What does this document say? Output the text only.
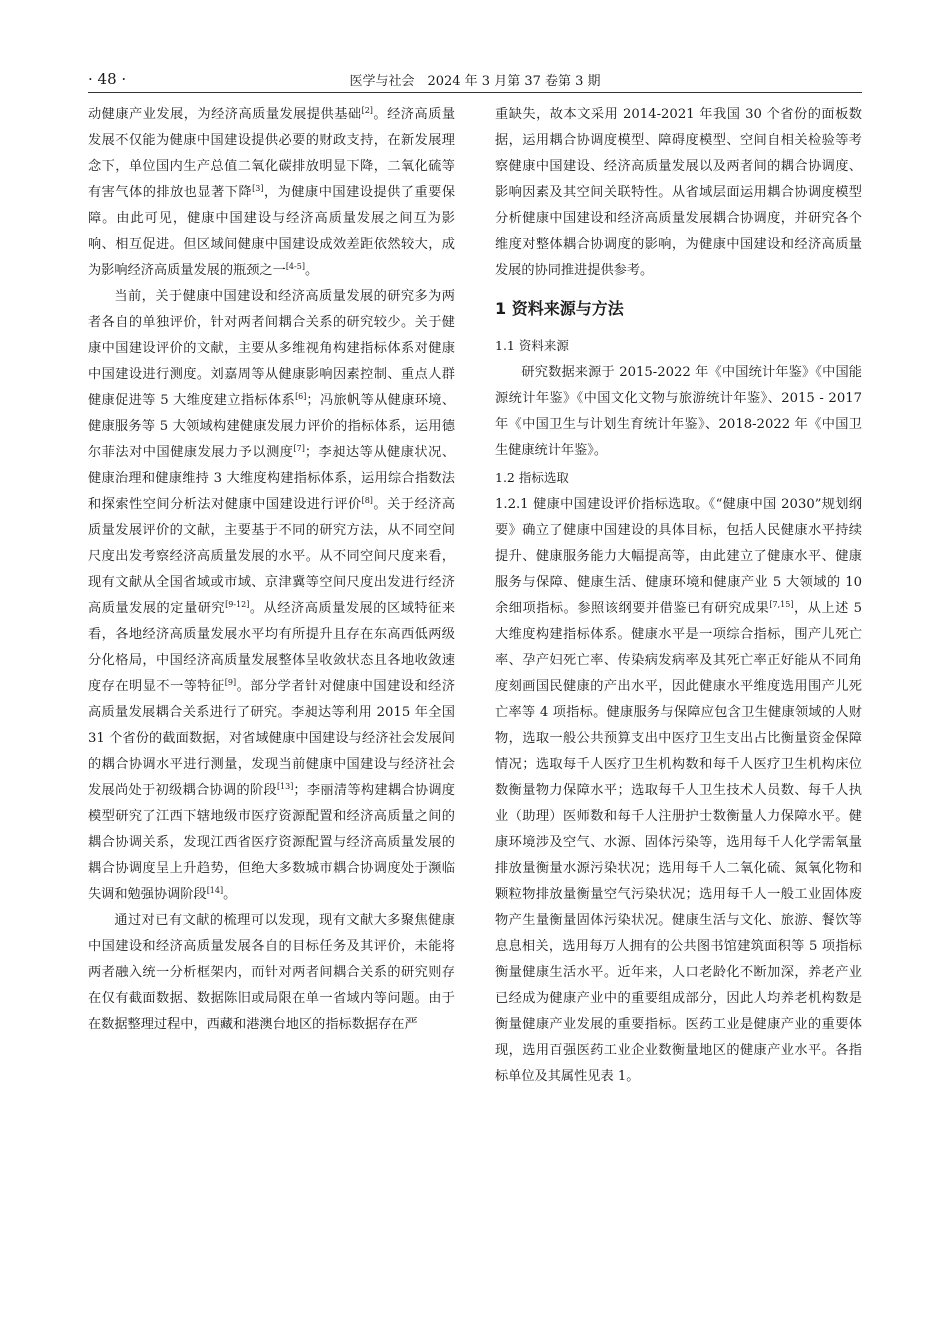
· 48 ·	医学与社会　2024 年 3 月第 37 卷第 3 期

动健康产业发展，为经济高质量发展提供基础[2]。经济高质量发展不仅能为健康中国建设提供必要的财政支持，在新发展理念下，单位国内生产总值二氧化碳排放明显下降，二氧化硫等有害气体的排放也显著下降[3]，为健康中国建设提供了重要保障。由此可见，健康中国建设与经济高质量发展之间互为影响、相互促进。但区域间健康中国建设成效差距依然较大，成为影响经济高质量发展的瓶颈之一[4-5]。

当前，关于健康中国建设和经济高质量发展的研究多为两者各自的单独评价，针对两者间耦合关系的研究较少。关于健康中国建设评价的文献，主要从多维视角构建指标体系对健康中国建设进行测度。刘嘉周等从健康影响因素控制、重点人群健康促进等 5 大维度建立指标体系[6]；冯旅帆等从健康环境、健康服务等 5 大领域构建健康发展力评价的指标体系，运用德尔菲法对中国健康发展力予以测度[7]；李昶达等从健康状况、健康治理和健康维持 3 大维度构建指标体系，运用综合指数法和探索性空间分析法对健康中国建设进行评价[8]。关于经济高质量发展评价的文献，主要基于不同的研究方法，从不同空间尺度出发考察经济高质量发展的水平。从不同空间尺度来看，现有文献从全国省域或市域、京津冀等空间尺度出发进行经济高质量发展的定量研究[9-12]。从经济高质量发展的区域特征来看，各地经济高质量发展水平均有所提升且存在东高西低两级分化格局，中国经济高质量发展整体呈收敛状态且各地收敛速度存在明显不一等特征[9]。部分学者针对健康中国建设和经济高质量发展耦合关系进行了研究。李昶达等利用 2015 年全国 31 个省份的截面数据，对省域健康中国建设与经济社会发展间的耦合协调水平进行测量，发现当前健康中国建设与经济社会发展尚处于初级耦合协调的阶段[13]；李丽清等构建耦合协调度模型研究了江西下辖地级市医疗资源配置和经济高质量之间的耦合协调关系，发现江西省医疗资源配置与经济高质量发展的耦合协调度呈上升趋势，但绝大多数城市耦合协调度处于濒临失调和勉强协调阶段[14]。

通过对已有文献的梳理可以发现，现有文献大多聚焦健康中国建设和经济高质量发展各自的目标任务及其评价，未能将两者融入统一分析框架内，而针对两者间耦合关系的研究则存在仅有截面数据、数据陈旧或局限在单一省域内等问题。由于在数据整理过程中，西藏和港澳台地区的指标数据存在严

重缺失，故本文采用 2014-2021 年我国 30 个省份的面板数据，运用耦合协调度模型、障碍度模型、空间自相关检验等考察健康中国建设、经济高质量发展以及两者间的耦合协调度、影响因素及其空间关联特性。从省域层面运用耦合协调度模型分析健康中国建设和经济高质量发展耦合协调度，并研究各个维度对整体耦合协调度的影响，为健康中国建设和经济高质量发展的协同推进提供参考。

1 资料来源与方法
1.1 资料来源

研究数据来源于 2015-2022 年《中国统计年鉴》《中国能源统计年鉴》《中国文化文物与旅游统计年鉴》、2015 - 2017 年《中国卫生与计划生育统计年鉴》、2018-2022 年《中国卫生健康统计年鉴》。

1.2 指标选取

1.2.1 健康中国建设评价指标选取。《“健康中国 2030”规划纲要》确立了健康中国建设的具体目标，包括人民健康水平持续提升、健康服务能力大幅提高等，由此建立了健康水平、健康服务与保障、健康生活、健康环境和健康产业 5 大领域的 10 余细项指标。参照该纲要并借鉴已有研究成果[7,15]，从上述 5 大维度构建指标体系。健康水平是一项综合指标，围产儿死亡率、孕产妇死亡率、传染病发病率及其死亡率正好能从不同角度刻画国民健康的产出水平，因此健康水平维度选用围产儿死亡率等 4 项指标。健康服务与保障应包含卫生健康领域的人财物，选取一般公共预算支出中医疗卫生支出占比衡量资金保障情况；选取每千人医疗卫生机构数和每千人医疗卫生机构床位数衡量物力保障水平；选取每千人卫生技术人员数、每千人执业（助理）医师数和每千人注册护士数衡量人力保障水平。健康环境涉及空气、水源、固体污染等，选用每千人化学需氧量排放量衡量水源污染状况；选用每千人二氧化硫、氮氧化物和颗粒物排放量衡量空气污染状况；选用每千人一般工业固体废物产生量衡量固体污染状况。健康生活与文化、旅游、餐饮等息息相关，选用每万人拥有的公共图书馆建筑面积等 5 项指标衡量健康生活水平。近年来，人口老龄化不断加深，养老产业已经成为健康产业中的重要组成部分，因此人均养老机构数是衡量健康产业发展的重要指标。医药工业是健康产业的重要体现，选用百强医药工业企业数衡量地区的健康产业水平。各指标单位及其属性见表 1。
